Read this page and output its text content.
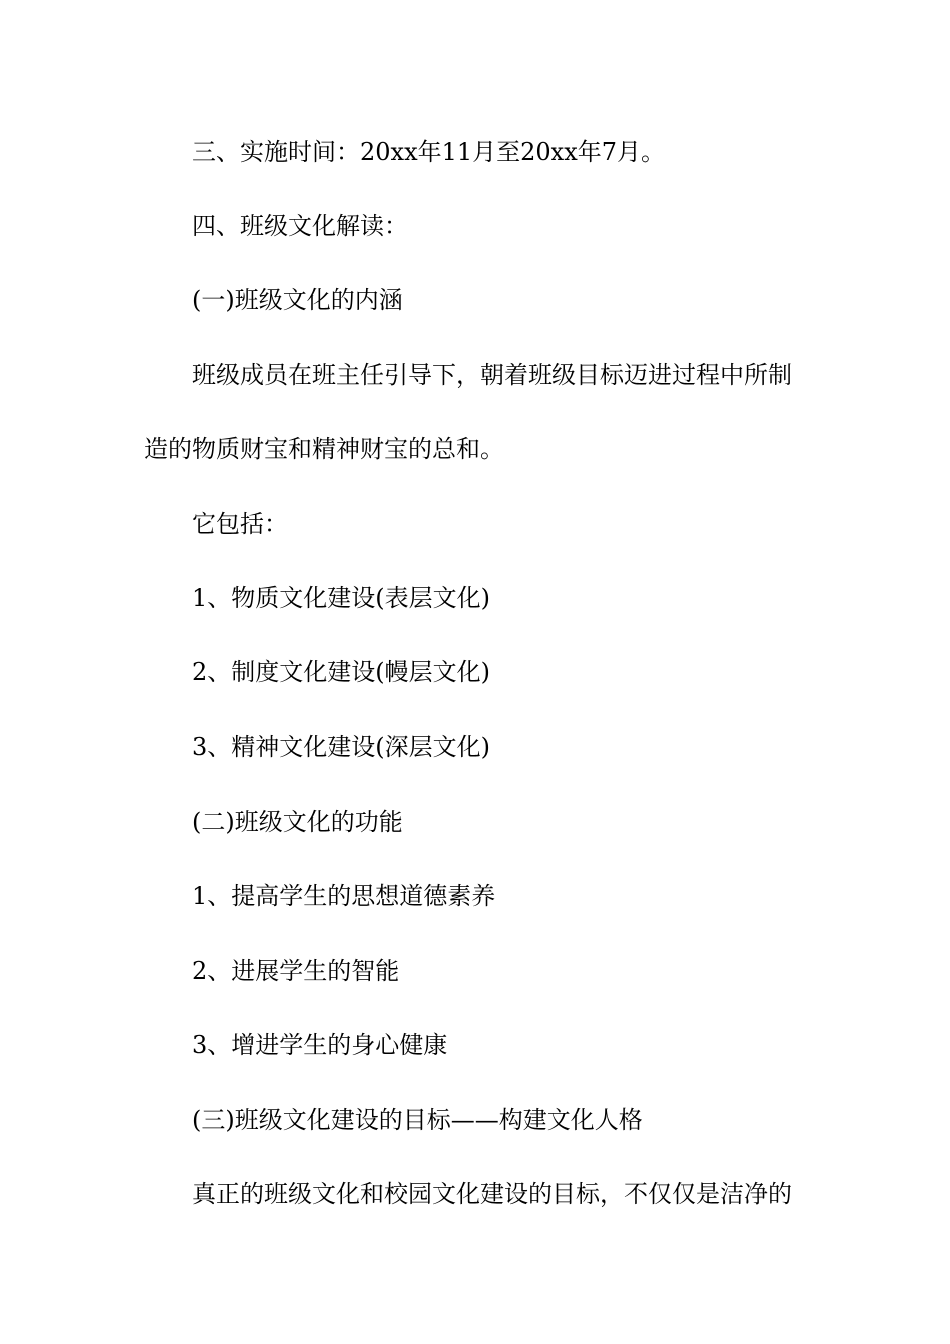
三、实施时间：20xx年11月至20xx年7月。
四、班级文化解读：
(一)班级文化的内涵
班级成员在班主任引导下，朝着班级目标迈进过程中所制
造的物质财宝和精神财宝的总和。
它包括：
1、物质文化建设(表层文化)
2、制度文化建设(幔层文化)
3、精神文化建设(深层文化)
(二)班级文化的功能
1、提高学生的思想道德素养
2、进展学生的智能
3、增进学生的身心健康
(三)班级文化建设的目标——构建文化人格
真正的班级文化和校园文化建设的目标，不仅仅是洁净的
